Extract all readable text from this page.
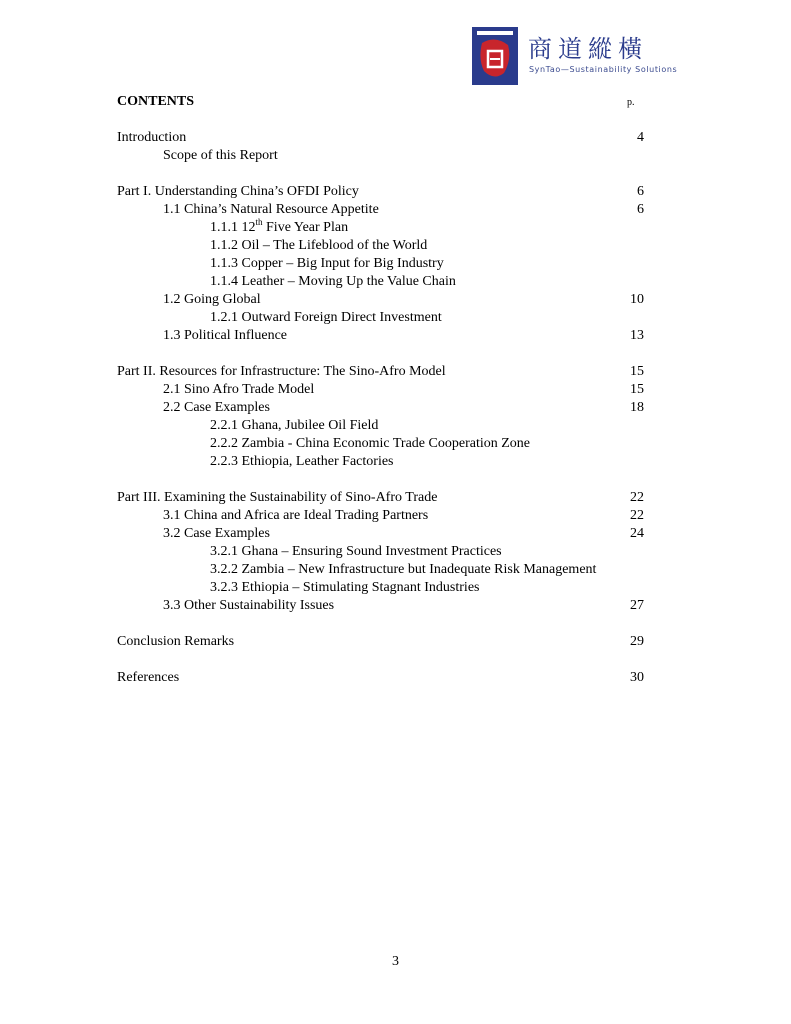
商道縱橫
SynTao—Sustainability Solutions
CONTENTS	p.
Introduction	4
Scope of this Report
Part I. Understanding China’s OFDI Policy	6
1.1 China’s Natural Resource Appetite	6
1.1.1 12th Five Year Plan
1.1.2 Oil – The Lifeblood of the World
1.1.3 Copper – Big Input for Big Industry
1.1.4 Leather – Moving Up the Value Chain
1.2 Going Global	10
1.2.1 Outward Foreign Direct Investment
1.3 Political Influence	13
Part II. Resources for Infrastructure: The Sino-Afro Model	15
2.1 Sino Afro Trade Model	15
2.2 Case Examples	18
2.2.1 Ghana, Jubilee Oil Field
2.2.2 Zambia - China Economic Trade Cooperation Zone
2.2.3 Ethiopia, Leather Factories
Part III. Examining the Sustainability of Sino-Afro Trade	22
3.1 China and Africa are Ideal Trading Partners	22
3.2 Case Examples	24
3.2.1 Ghana – Ensuring Sound Investment Practices
3.2.2 Zambia – New Infrastructure but Inadequate Risk Management
3.2.3 Ethiopia – Stimulating Stagnant Industries
3.3 Other Sustainability Issues	27
Conclusion Remarks	29
References	30
3
